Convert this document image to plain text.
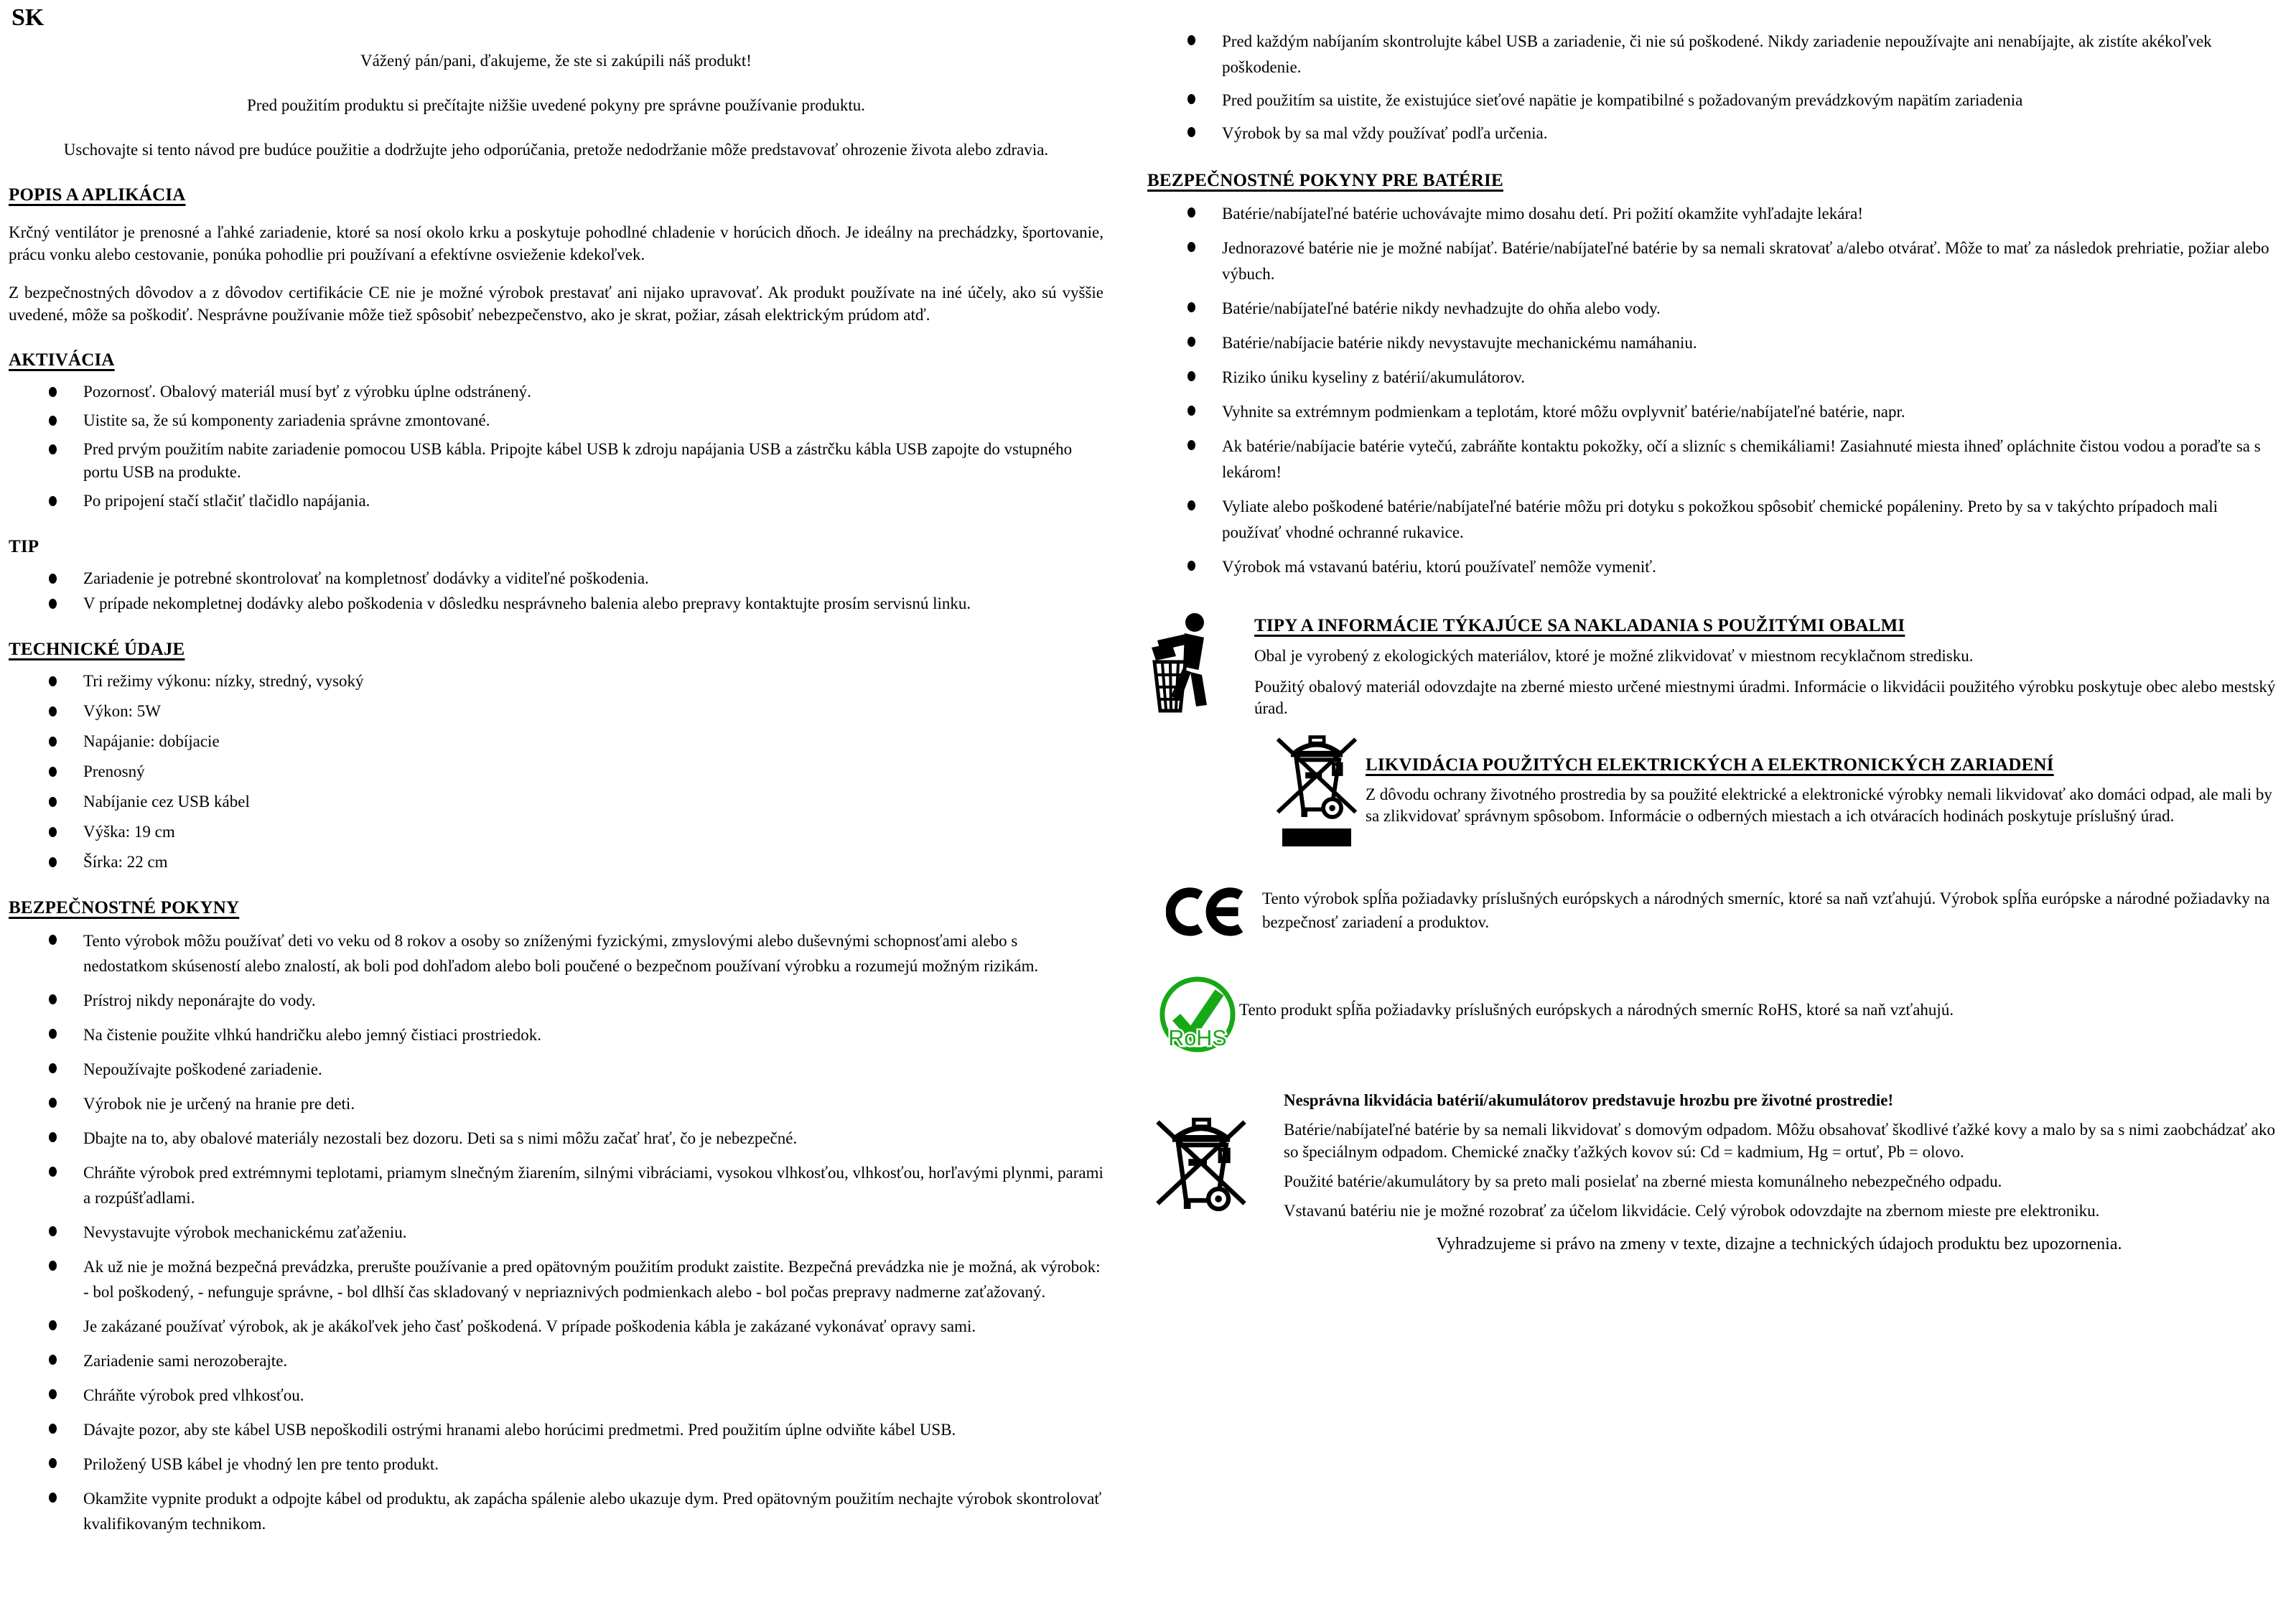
SK

Vážený pán/pani, ďakujeme, že ste si zakúpili náš produkt!

Pred použitím produktu si prečítajte nižšie uvedené pokyny pre správne používanie produktu.

Uschovajte si tento návod pre budúce použitie a dodržujte jeho odporúčania, pretože nedodržanie môže predstavovať ohrozenie života alebo zdravia.

POPIS A APLIKÁCIA

Krčný ventilátor je prenosné a ľahké zariadenie, ktoré sa nosí okolo krku a poskytuje pohodlné chladenie v horúcich dňoch. Je ideálny na prechádzky, športovanie, prácu vonku alebo cestovanie, ponúka pohodlie pri používaní a efektívne osvieženie kdekoľvek.

Z bezpečnostných dôvodov a z dôvodov certifikácie CE nie je možné výrobok prestavať ani nijako upravovať. Ak produkt používate na iné účely, ako sú vyššie uvedené, môže sa poškodiť. Nesprávne používanie môže tiež spôsobiť nebezpečenstvo, ako je skrat, požiar, zásah elektrickým prúdom atď.

AKTIVÁCIA
Pozornosť. Obalový materiál musí byť z výrobku úplne odstránený.
Uistite sa, že sú komponenty zariadenia správne zmontované.
Pred prvým použitím nabite zariadenie pomocou USB kábla. Pripojte kábel USB k zdroju napájania USB a zástrčku kábla USB zapojte do vstupného portu USB na produkte.
Po pripojení stačí stlačiť tlačidlo napájania.
TIP
Zariadenie je potrebné skontrolovať na kompletnosť dodávky a viditeľné poškodenia.
V prípade nekompletnej dodávky alebo poškodenia v dôsledku nesprávneho balenia alebo prepravy kontaktujte prosím servisnú linku.
TECHNICKÉ ÚDAJE
Tri režimy výkonu: nízky, stredný, vysoký
Výkon: 5W
Napájanie: dobíjacie
Prenosný
Nabíjanie cez USB kábel
Výška: 19 cm
Šírka: 22 cm
BEZPEČNOSTNÉ POKYNY
Tento výrobok môžu používať deti vo veku od 8 rokov a osoby so zníženými fyzickými, zmyslovými alebo duševnými schopnosťami alebo s nedostatkom skúseností alebo znalostí, ak boli pod dohľadom alebo boli poučené o bezpečnom používaní výrobku a rozumejú možným rizikám.
Prístroj nikdy neponárajte do vody.
Na čistenie použite vlhkú handričku alebo jemný čistiaci prostriedok.
Nepoužívajte poškodené zariadenie.
Výrobok nie je určený na hranie pre deti.
Dbajte na to, aby obalové materiály nezostali bez dozoru. Deti sa s nimi môžu začať hrať, čo je nebezpečné.
Chráňte výrobok pred extrémnymi teplotami, priamym slnečným žiarením, silnými vibráciami, vysokou vlhkosťou, vlhkosťou, horľavými plynmi, parami a rozpúšťadlami.
Nevystavujte výrobok mechanickému zaťaženiu.
Ak už nie je možná bezpečná prevádzka, prerušte používanie a pred opätovným použitím produkt zaistite. Bezpečná prevádzka nie je možná, ak výrobok: - bol poškodený, - nefunguje správne, - bol dlhší čas skladovaný v nepriaznivých podmienkach alebo - bol počas prepravy nadmerne zaťažovaný.
Je zakázané používať výrobok, ak je akákoľvek jeho časť poškodená. V prípade poškodenia kábla je zakázané vykonávať opravy sami.
Zariadenie sami nerozoberajte.
Chráňte výrobok pred vlhkosťou.
Dávajte pozor, aby ste kábel USB nepoškodili ostrými hranami alebo horúcimi predmetmi. Pred použitím úplne odviňte kábel USB.
Priložený USB kábel je vhodný len pre tento produkt.
Okamžite vypnite produkt a odpojte kábel od produktu, ak zapácha spálenie alebo ukazuje dym. Pred opätovným použitím nechajte výrobok skontrolovať kvalifikovaným technikom.
Pred každým nabíjaním skontrolujte kábel USB a zariadenie, či nie sú poškodené. Nikdy zariadenie nepoužívajte ani nenabíjajte, ak zistíte akékoľvek poškodenie.
Pred použitím sa uistite, že existujúce sieťové napätie je kompatibilné s požadovaným prevádzkovým napätím zariadenia
Výrobok by sa mal vždy používať podľa určenia.
BEZPEČNOSTNÉ POKYNY PRE BATÉRIE
Batérie/nabíjateľné batérie uchovávajte mimo dosahu detí. Pri požití okamžite vyhľadajte lekára!
Jednorazové batérie nie je možné nabíjať. Batérie/nabíjateľné batérie by sa nemali skratovať a/alebo otvárať. Môže to mať za následok prehriatie, požiar alebo výbuch.
Batérie/nabíjateľné batérie nikdy nevhadzujte do ohňa alebo vody.
Batérie/nabíjacie batérie nikdy nevystavujte mechanickému namáhaniu.
Riziko úniku kyseliny z batérií/akumulátorov.
Vyhnite sa extrémnym podmienkam a teplotám, ktoré môžu ovplyvniť batérie/nabíjateľné batérie, napr.
Ak batérie/nabíjacie batérie vytečú, zabráňte kontaktu pokožky, očí a slizníc s chemikáliami! Zasiahnuté miesta ihneď opláchnite čistou vodou a poraďte sa s lekárom!
Vyliate alebo poškodené batérie/nabíjateľné batérie môžu pri dotyku s pokožkou spôsobiť chemické popáleniny. Preto by sa v takýchto prípadoch mali používať vhodné ochranné rukavice.
Výrobok má vstavanú batériu, ktorú používateľ nemôže vymeniť.
TIPY A INFORMÁCIE TÝKAJÚCE SA NAKLADANIA S POUŽITÝMI OBALMI

Obal je vyrobený z ekologických materiálov, ktoré je možné zlikvidovať v miestnom recyklačnom stredisku.

Použitý obalový materiál odovzdajte na zberné miesto určené miestnymi úradmi. Informácie o likvidácii použitého výrobku poskytuje obec alebo mestský úrad.

LIKVIDÁCIA POUŽITÝCH ELEKTRICKÝCH A ELEKTRONICKÝCH ZARIADENÍ

Z dôvodu ochrany životného prostredia by sa použité elektrické a elektronické výrobky nemali likvidovať ako domáci odpad, ale mali by sa zlikvidovať správnym spôsobom. Informácie o odberných miestach a ich otváracích hodinách poskytuje príslušný úrad.

Tento výrobok spĺňa požiadavky príslušných európskych a národných smerníc, ktoré sa naň vzťahujú. Výrobok spĺňa európske a národné požiadavky na bezpečnosť zariadení a produktov.

RoHS

Tento produkt spĺňa požiadavky príslušných európskych a národných smerníc RoHS, ktoré sa naň vzťahujú.

Nesprávna likvidácia batérií/akumulátorov predstavuje hrozbu pre životné prostredie!

Batérie/nabíjateľné batérie by sa nemali likvidovať s domovým odpadom. Môžu obsahovať škodlivé ťažké kovy a malo by sa s nimi zaobchádzať ako so špeciálnym odpadom. Chemické značky ťažkých kovov sú: Cd = kadmium, Hg = ortuť, Pb = olovo.

Použité batérie/akumulátory by sa preto mali posielať na zberné miesta komunálneho nebezpečného odpadu.

Vstavanú batériu nie je možné rozobrať za účelom likvidácie. Celý výrobok odovzdajte na zbernom mieste pre elektroniku.

Vyhradzujeme si právo na zmeny v texte, dizajne a technických údajoch produktu bez upozornenia.
